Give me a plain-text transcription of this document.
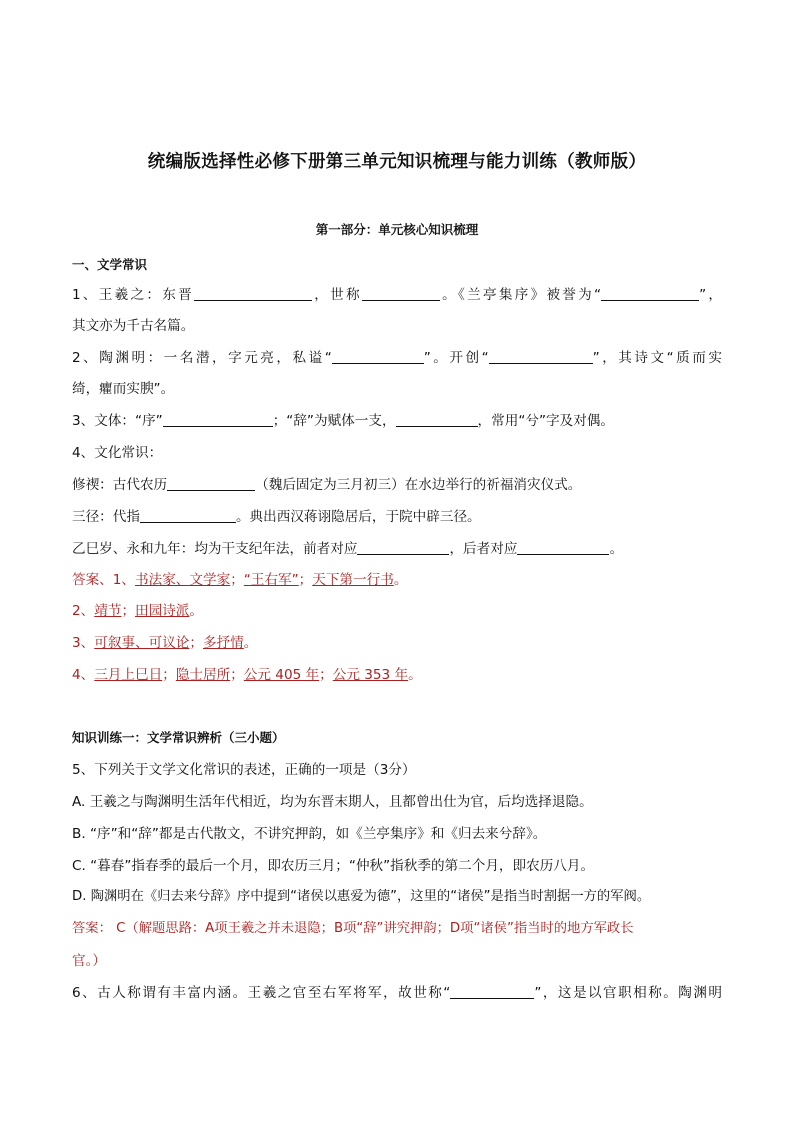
统编版选择性必修下册第三单元知识梳理与能力训练（教师版）
第一部分：单元核心知识梳理
一、文学常识
1、王羲之：东晋	，世称	。《兰亭集序》被誉为“	”，
其文亦为千古名篇。
2、陶渊明：一名潜，字元亮，私谥“	”。开创“	”，其诗文“质而实
绮，癯而实腴”。
3、文体：“序”	；“辞”为赋体一支，	，常用“兮”字及对偶。
4、文化常识：
修禊：古代农历	（魏后固定为三月初三）在水边举行的祈福消灾仪式。
三径：代指	。典出西汉蒋诩隐居后，于院中辟三径。
乙巳岁、永和九年：均为干支纪年法，前者对应	，后者对应	。
答案、1、书法家、文学家；“王右军”；天下第一行书。
2、靖节；田园诗派。
3、可叙事、可议论；多抒情。
4、三月上巳日；隐士居所；公元 405 年；公元 353 年。
知识训练一：文学常识辨析（三小题）
5、下列关于文学文化常识的表述，正确的一项是（3分）
A. 王羲之与陶渊明生活年代相近，均为东晋末期人，且都曾出仕为官，后均选择退隐。
B. “序”和“辞”都是古代散文，不讲究押韵，如《兰亭集序》和《归去来兮辞》。
C. “暮春”指春季的最后一个月，即农历三月；“仲秋”指秋季的第二个月，即农历八月。
D. 陶渊明在《归去来兮辞》序中提到“诸侯以惠爱为德”，这里的“诸侯”是指当时割据一方的军阀。
答案： C（解题思路：A项王羲之并未退隐；B项“辞”讲究押韵；D项“诸侯”指当时的地方军政长
官。）
6、古人称谓有丰富内涵。王羲之官至右军将军，故世称“	”，这是以官职相称。陶渊明
